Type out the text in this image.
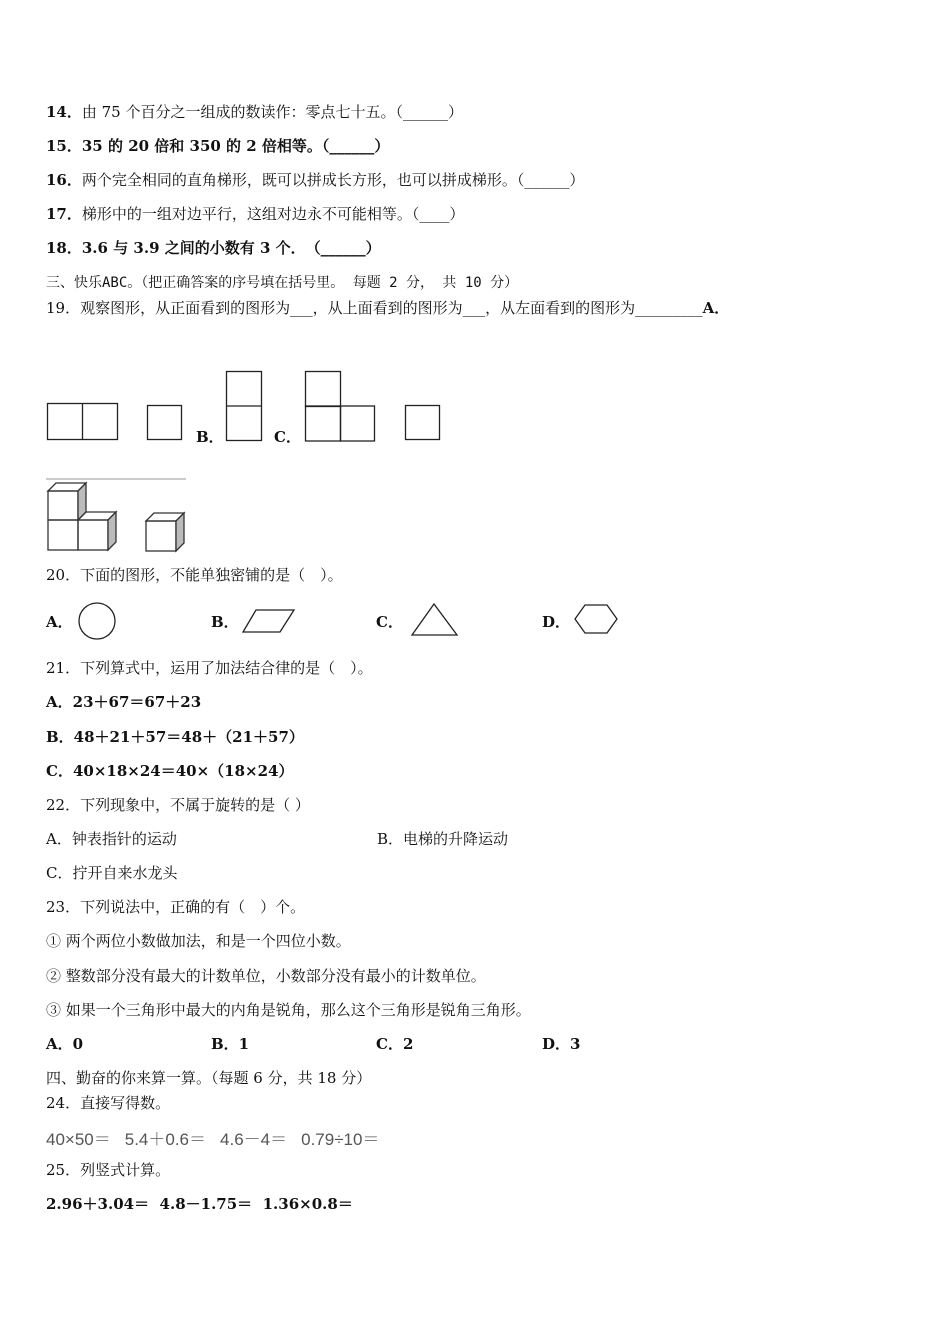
14．由 75 个百分之一组成的数读作：零点七十五。（______）
15．35 的 20 倍和 350 的 2 倍相等。（______）
16．两个完全相同的直角梯形，既可以拼成长方形，也可以拼成梯形。（______）
17．梯形中的一组对边平行，这组对边永不可能相等。（____）
18．3.6 与 3.9 之间的小数有 3 个．　（______）
三、快乐ABC。（把正确答案的序号填在括号里。 每题 2 分， 共 10 分）
19．观察图形，从正面看到的图形为___，从上面看到的图形为___，从左面看到的图形为_________A．
B．	C．
20．下面的图形，不能单独密铺的是（　）。
A．	B．	C．	D．
21．下列算式中，运用了加法结合律的是（　）。
A．23＋67＝67＋23
B．48＋21＋57＝48＋（21＋57）
C．40×18×24＝40×（18×24）
22．下列现象中，不属于旋转的是（ ）
A．钟表指针的运动	B．电梯的升降运动
C．拧开自来水龙头
23．下列说法中，正确的有（　）个。
① 两个两位小数做加法，和是一个四位小数。
② 整数部分没有最大的计数单位，小数部分没有最小的计数单位。
③ 如果一个三角形中最大的内角是锐角，那么这个三角形是锐角三角形。
A．0	B．1	C．2	D．3
四、勤奋的你来算一算。（每题 6 分，共 18 分）
24．直接写得数。
40×50＝ 5.4＋0.6＝ 4.6－4＝ 0.79÷10＝
25．列竖式计算。
2.96＋3.04＝ 4.8－1.75＝ 1.36×0.8＝
